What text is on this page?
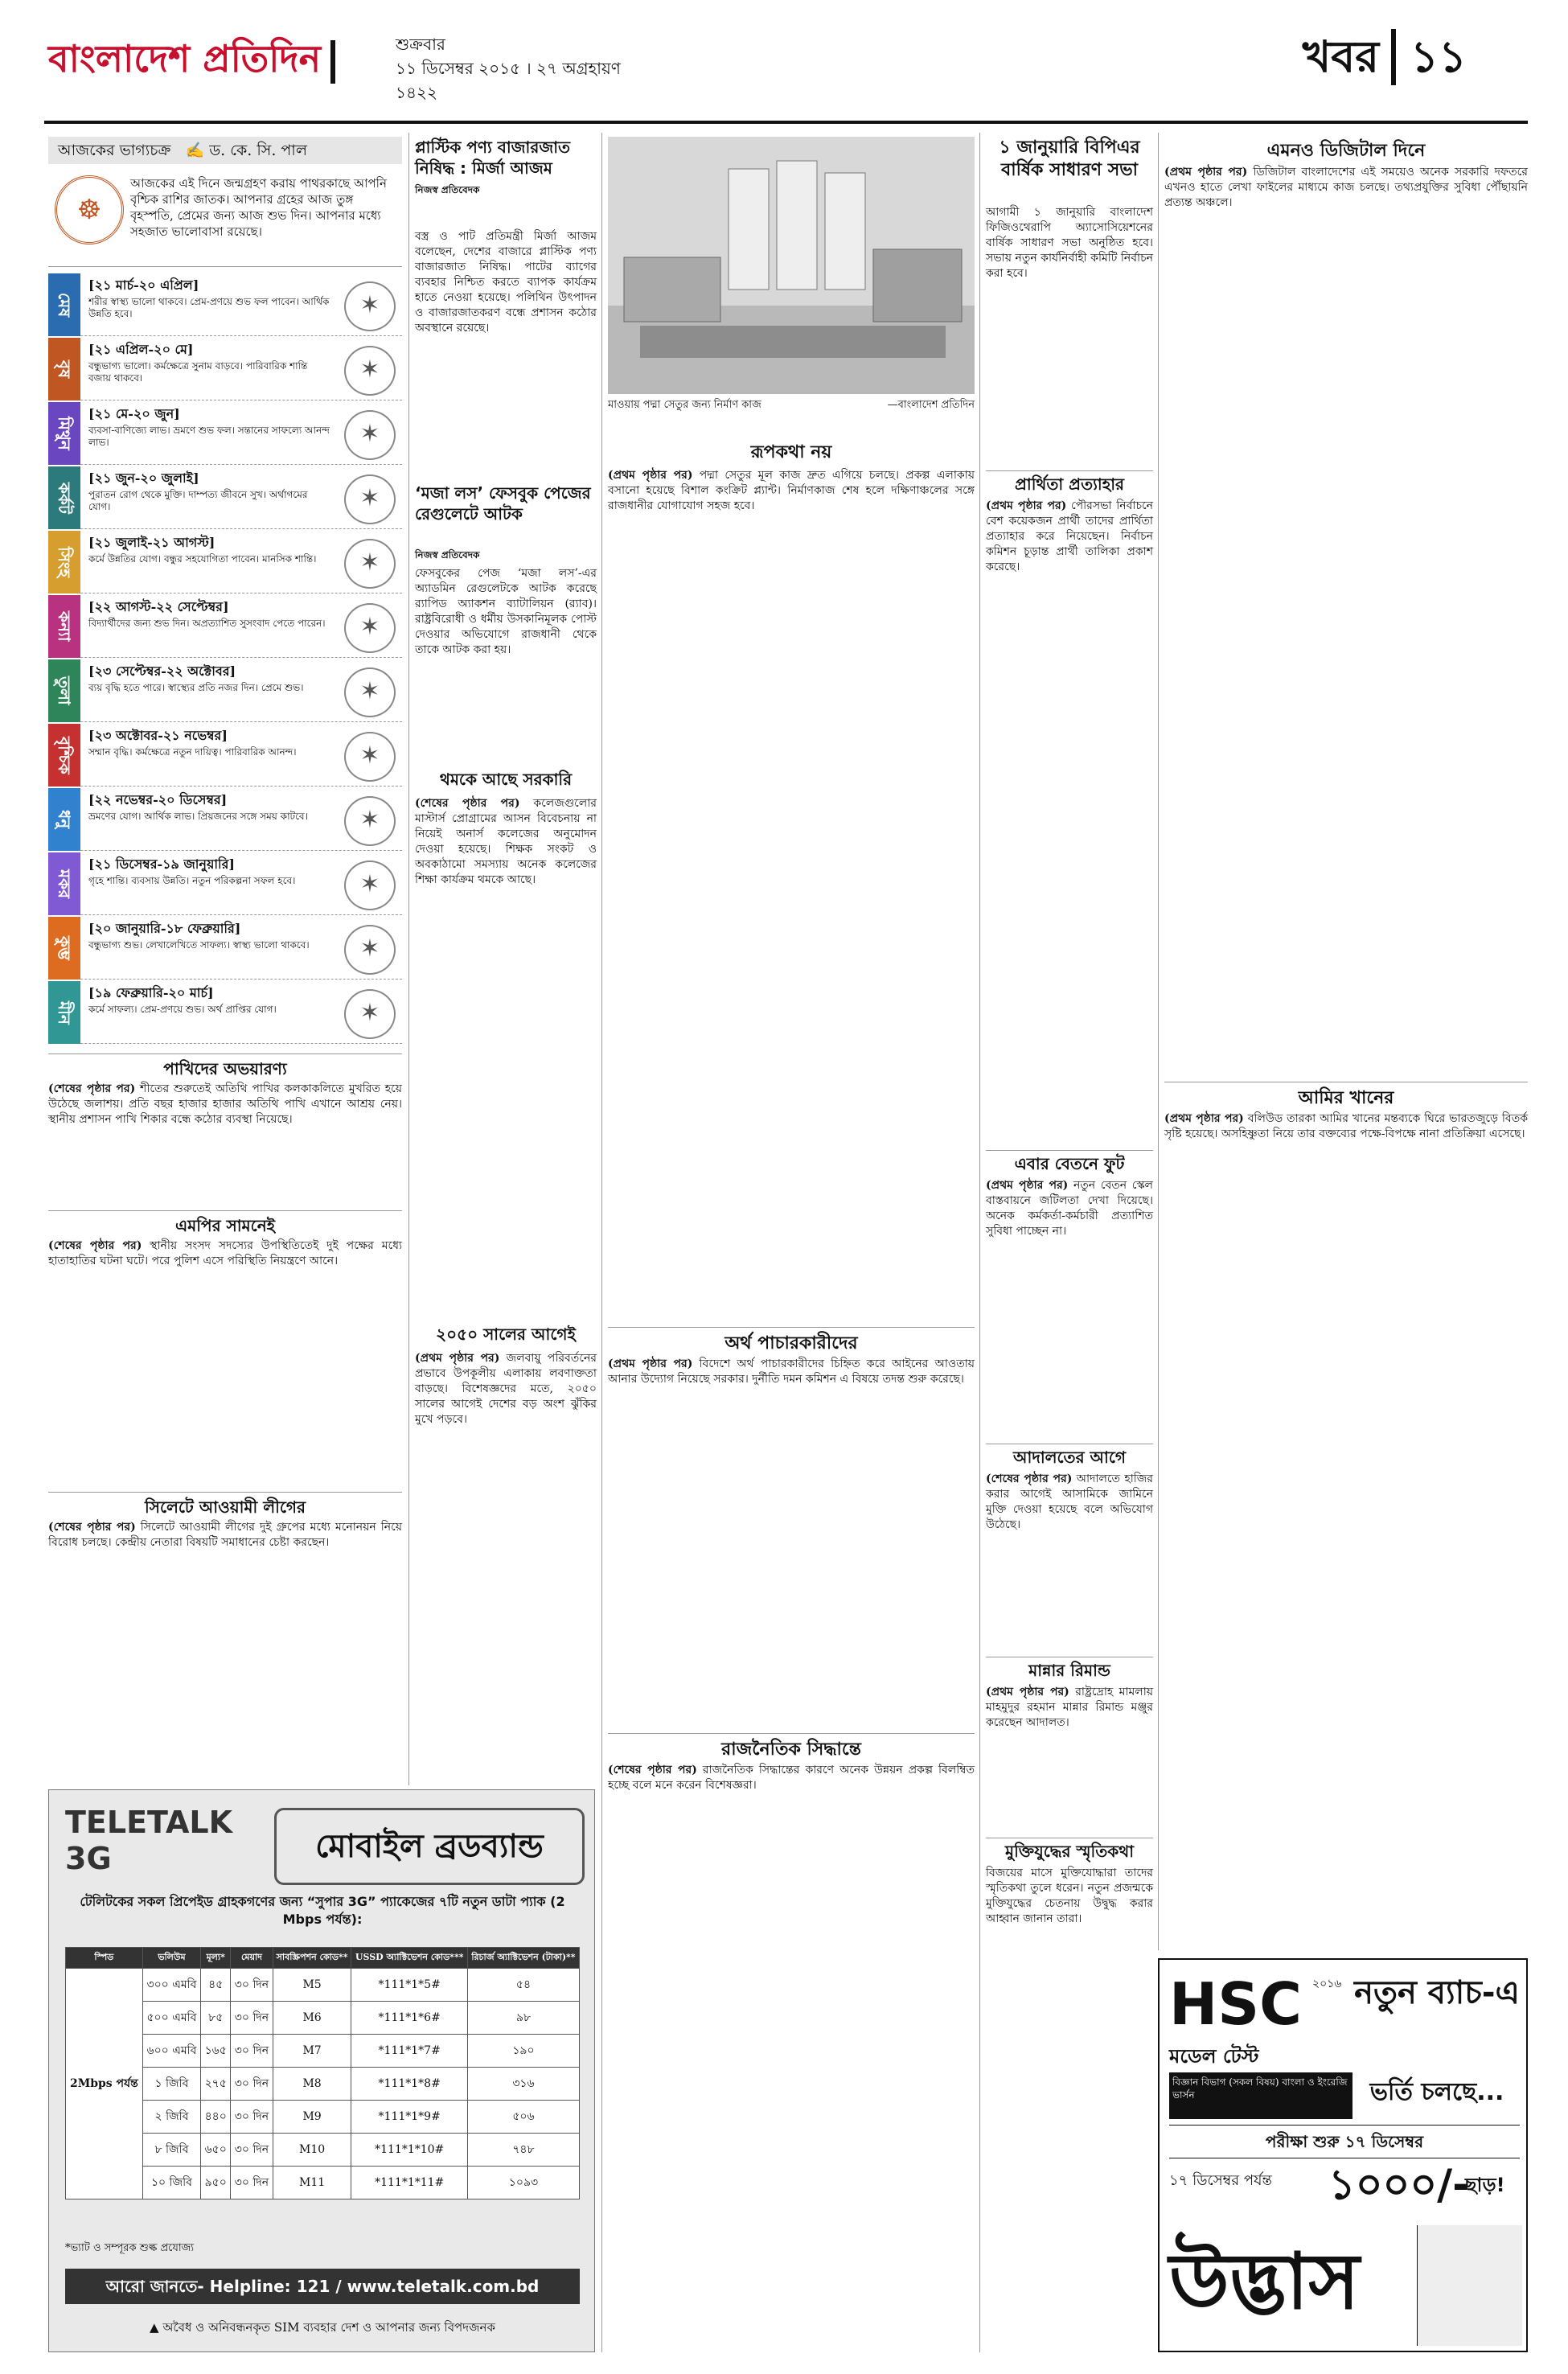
বাংলাদেশ প্রতিদিন	শুক্রবার
১১ ডিসেম্বর ২০১৫ । ২৭ অগ্রহায়ণ ১৪২২
খবর ১১
আজকের ভাগ্যচক্র ✍ ড. কে. সি. পাল
☸
আজকের এই দিনে জন্মগ্রহণ করায় পাথরকাছে আপনি বৃশ্চিক রাশির জাতক। আপনার গ্রহের আজ তুঙ্গ বৃহস্পতি, প্রেমের জন্য আজ শুভ দিন। আপনার মধ্যে সহজাত ভালোবাসা রয়েছে।
মেষ
[২১ মার্চ-২০ এপ্রিল]
শরীর স্বাস্থ্য ভালো থাকবে। প্রেম-প্রণয়ে শুভ ফল পাবেন। আর্থিক উন্নতি হবে।	✶
বৃষ
[২১ এপ্রিল-২০ মে]
বন্ধুভাগ্য ভালো। কর্মক্ষেত্রে সুনাম বাড়বে। পারিবারিক শান্তি বজায় থাকবে।	✶
মিথুন
[২১ মে-২০ জুন]
ব্যবসা-বাণিজ্যে লাভ। ভ্রমণে শুভ ফল। সন্তানের সাফল্যে আনন্দ লাভ।	✶
কর্কট
[২১ জুন-২০ জুলাই]
পুরাতন রোগ থেকে মুক্তি। দাম্পত্য জীবনে সুখ। অর্থাগমের যোগ।	✶
সিংহ
[২১ জুলাই-২১ আগস্ট]
কর্মে উন্নতির যোগ। বন্ধুর সহযোগিতা পাবেন। মানসিক শান্তি।	✶
কন্যা
[২২ আগস্ট-২২ সেপ্টেম্বর]
বিদ্যার্থীদের জন্য শুভ দিন। অপ্রত্যাশিত সুসংবাদ পেতে পারেন।	✶
তুলা
[২৩ সেপ্টেম্বর-২২ অক্টোবর]
ব্যয় বৃদ্ধি হতে পারে। স্বাস্থ্যের প্রতি নজর দিন। প্রেমে শুভ।	✶
বৃশ্চিক
[২৩ অক্টোবর-২১ নভেম্বর]
সম্মান বৃদ্ধি। কর্মক্ষেত্রে নতুন দায়িত্ব। পারিবারিক আনন্দ।	✶
ধনু
[২২ নভেম্বর-২০ ডিসেম্বর]
ভ্রমণের যোগ। আর্থিক লাভ। প্রিয়জনের সঙ্গে সময় কাটবে।	✶
মকর
[২১ ডিসেম্বর-১৯ জানুয়ারি]
গৃহে শান্তি। ব্যবসায় উন্নতি। নতুন পরিকল্পনা সফল হবে।	✶
কুম্ভ
[২০ জানুয়ারি-১৮ ফেব্রুয়ারি]
বন্ধুভাগ্য শুভ। লেখালেখিতে সাফল্য। স্বাস্থ্য ভালো থাকবে।	✶
মীন
[১৯ ফেব্রুয়ারি-২০ মার্চ]
কর্মে সাফল্য। প্রেম-প্রণয়ে শুভ। অর্থ প্রাপ্তির যোগ।	✶
প্লাস্টিক পণ্য বাজারজাত নিষিদ্ধ : মির্জা আজম
নিজস্ব প্রতিবেদক
বস্ত্র ও পাট প্রতিমন্ত্রী মির্জা আজম বলেছেন, দেশের বাজারে প্লাস্টিক পণ্য বাজারজাত নিষিদ্ধ। পাটের ব্যাগের ব্যবহার নিশ্চিত করতে ব্যাপক কার্যক্রম হাতে নেওয়া হয়েছে। পলিথিন উৎপাদন ও বাজারজাতকরণ বন্ধে প্রশাসন কঠোর অবস্থানে রয়েছে।
‘মজা লস’ ফেসবুক পেজের রেগুলেটে আটক
নিজস্ব প্রতিবেদক
ফেসবুকের পেজ ‘মজা লস’-এর অ্যাডমিন রেগুলেটকে আটক করেছে র‌্যাপিড অ্যাকশন ব্যাটালিয়ন (র‌্যাব)। রাষ্ট্রবিরোধী ও ধর্মীয় উসকানিমূলক পোস্ট দেওয়ার অভিযোগে রাজধানী থেকে তাকে আটক করা হয়।
থমকে আছে সরকারি
(শেষের পৃষ্ঠার পর) কলেজগুলোর মাস্টার্স প্রোগ্রামের আসন বিবেচনায় না নিয়েই অনার্স কলেজের অনুমোদন দেওয়া হয়েছে। শিক্ষক সংকট ও অবকাঠামো সমস্যায় অনেক কলেজের শিক্ষা কার্যক্রম থমকে আছে।
২০৫০ সালের আগেই
(প্রথম পৃষ্ঠার পর) জলবায়ু পরিবর্তনের প্রভাবে উপকূলীয় এলাকায় লবণাক্ততা বাড়ছে। বিশেষজ্ঞদের মতে, ২০৫০ সালের আগেই দেশের বড় অংশ ঝুঁকির মুখে পড়বে।
পাখিদের অভয়ারণ্য
(শেষের পৃষ্ঠার পর) শীতের শুরুতেই অতিথি পাখির কলকাকলিতে মুখরিত হয়ে উঠেছে জলাশয়। প্রতি বছর হাজার হাজার অতিথি পাখি এখানে আশ্রয় নেয়। স্থানীয় প্রশাসন পাখি শিকার বন্ধে কঠোর ব্যবস্থা নিয়েছে।
এমপির সামনেই
(শেষের পৃষ্ঠার পর) স্থানীয় সংসদ সদস্যের উপস্থিতিতেই দুই পক্ষের মধ্যে হাতাহাতির ঘটনা ঘটে। পরে পুলিশ এসে পরিস্থিতি নিয়ন্ত্রণে আনে।
সিলেটে আওয়ামী লীগের
(শেষের পৃষ্ঠার পর) সিলেটে আওয়ামী লীগের দুই গ্রুপের মধ্যে মনোনয়ন নিয়ে বিরোধ চলছে। কেন্দ্রীয় নেতারা বিষয়টি সমাধানের চেষ্টা করছেন।
মাওয়ায় পদ্মা সেতুর জন্য নির্মাণ কাজ	—বাংলাদেশ প্রতিদিন
রূপকথা নয়
(প্রথম পৃষ্ঠার পর) পদ্মা সেতুর মূল কাজ দ্রুত এগিয়ে চলছে। প্রকল্প এলাকায় বসানো হয়েছে বিশাল কংক্রিট প্ল্যান্ট। নির্মাণকাজ শেষ হলে দক্ষিণাঞ্চলের সঙ্গে রাজধানীর যোগাযোগ সহজ হবে।
অর্থ পাচারকারীদের
(প্রথম পৃষ্ঠার পর) বিদেশে অর্থ পাচারকারীদের চিহ্নিত করে আইনের আওতায় আনার উদ্যোগ নিয়েছে সরকার। দুর্নীতি দমন কমিশন এ বিষয়ে তদন্ত শুরু করেছে।
রাজনৈতিক সিদ্ধান্তে
(শেষের পৃষ্ঠার পর) রাজনৈতিক সিদ্ধান্তের কারণে অনেক উন্নয়ন প্রকল্প বিলম্বিত হচ্ছে বলে মনে করেন বিশেষজ্ঞরা।
১ জানুয়ারি বিপিএর বার্ষিক সাধারণ সভা
আগামী ১ জানুয়ারি বাংলাদেশ ফিজিওথেরাপি অ্যাসোসিয়েশনের বার্ষিক সাধারণ সভা অনুষ্ঠিত হবে। সভায় নতুন কার্যনির্বাহী কমিটি নির্বাচন করা হবে।
প্রার্থিতা প্রত্যাহার
(প্রথম পৃষ্ঠার পর) পৌরসভা নির্বাচনে বেশ কয়েকজন প্রার্থী তাদের প্রার্থিতা প্রত্যাহার করে নিয়েছেন। নির্বাচন কমিশন চূড়ান্ত প্রার্থী তালিকা প্রকাশ করেছে।
এবার বেতনে ফুট
(প্রথম পৃষ্ঠার পর) নতুন বেতন স্কেল বাস্তবায়নে জটিলতা দেখা দিয়েছে। অনেক কর্মকর্তা-কর্মচারী প্রত্যাশিত সুবিধা পাচ্ছেন না।
আদালতের আগে
(শেষের পৃষ্ঠার পর) আদালতে হাজির করার আগেই আসামিকে জামিনে মুক্তি দেওয়া হয়েছে বলে অভিযোগ উঠেছে।
মান্নার রিমান্ড
(প্রথম পৃষ্ঠার পর) রাষ্ট্রদ্রোহ মামলায় মাহমুদুর রহমান মান্নার রিমান্ড মঞ্জুর করেছেন আদালত।
মুক্তিযুদ্ধের স্মৃতিকথা
বিজয়ের মাসে মুক্তিযোদ্ধারা তাদের স্মৃতিকথা তুলে ধরেন। নতুন প্রজন্মকে মুক্তিযুদ্ধের চেতনায় উদ্বুদ্ধ করার আহ্বান জানান তারা।
এমনও ডিজিটাল দিনে
(প্রথম পৃষ্ঠার পর) ডিজিটাল বাংলাদেশের এই সময়েও অনেক সরকারি দফতরে এখনও হাতে লেখা ফাইলের মাধ্যমে কাজ চলছে। তথ্যপ্রযুক্তির সুবিধা পৌঁছায়নি প্রত্যন্ত অঞ্চলে।
আমির খানের
(প্রথম পৃষ্ঠার পর) বলিউড তারকা আমির খানের মন্তব্যকে ঘিরে ভারতজুড়ে বিতর্ক সৃষ্টি হয়েছে। অসহিষ্ণুতা নিয়ে তার বক্তব্যের পক্ষে-বিপক্ষে নানা প্রতিক্রিয়া এসেছে।
TELETALK 3G	মোবাইল ব্রডব্যান্ড
টেলিটকের সকল প্রিপেইড গ্রাহকগণের জন্য “সুপার 3G” প্যাকেজের ৭টি নতুন ডাটা প্যাক (2 Mbps পর্যন্ত):
স্পিড	ভলিউম	মূল্য*	মেয়াদ	সাবস্ক্রিপশন কোড**	USSD অ্যাক্টিভেশন কোড***	রিচার্জ অ্যাক্টিভেশন (টাকা)**
2Mbps পর্যন্ত	৩০০ এমবি	৪৫	৩০ দিন	M5	*111*1*5#	৫৪
	৫০০ এমবি	৮৫	৩০ দিন	M6	*111*1*6#	৯৮
	৬০০ এমবি	১৬৫	৩০ দিন	M7	*111*1*7#	১৯০
	১ জিবি	২৭৫	৩০ দিন	M8	*111*1*8#	৩১৬
	২ জিবি	৪৪০	৩০ দিন	M9	*111*1*9#	৫০৬
	৮ জিবি	৬৫০	৩০ দিন	M10	*111*1*10#	৭৪৮
	১০ জিবি	৯৫০	৩০ দিন	M11	*111*1*11#	১০৯৩
*ভ্যাট ও সম্পূরক শুল্ক প্রযোজ্য
আরো জানতে- Helpline: 121 / www.teletalk.com.bd
▲ অবৈধ ও অনিবন্ধনকৃত SIM ব্যবহার দেশ ও আপনার জন্য বিপদজনক
HSC ২০১৬
মডেল টেস্ট
নতুন ব্যাচ-এ
ভর্তি চলছে...
বিজ্ঞান বিভাগ (সকল বিষয়) বাংলা ও ইংরেজি ভার্সন
পরীক্ষা শুরু ১৭ ডিসেম্বর
১৭ ডিসেম্বর পর্যন্ত	১০০০/-
ছাড়!
উদ্ভাস
